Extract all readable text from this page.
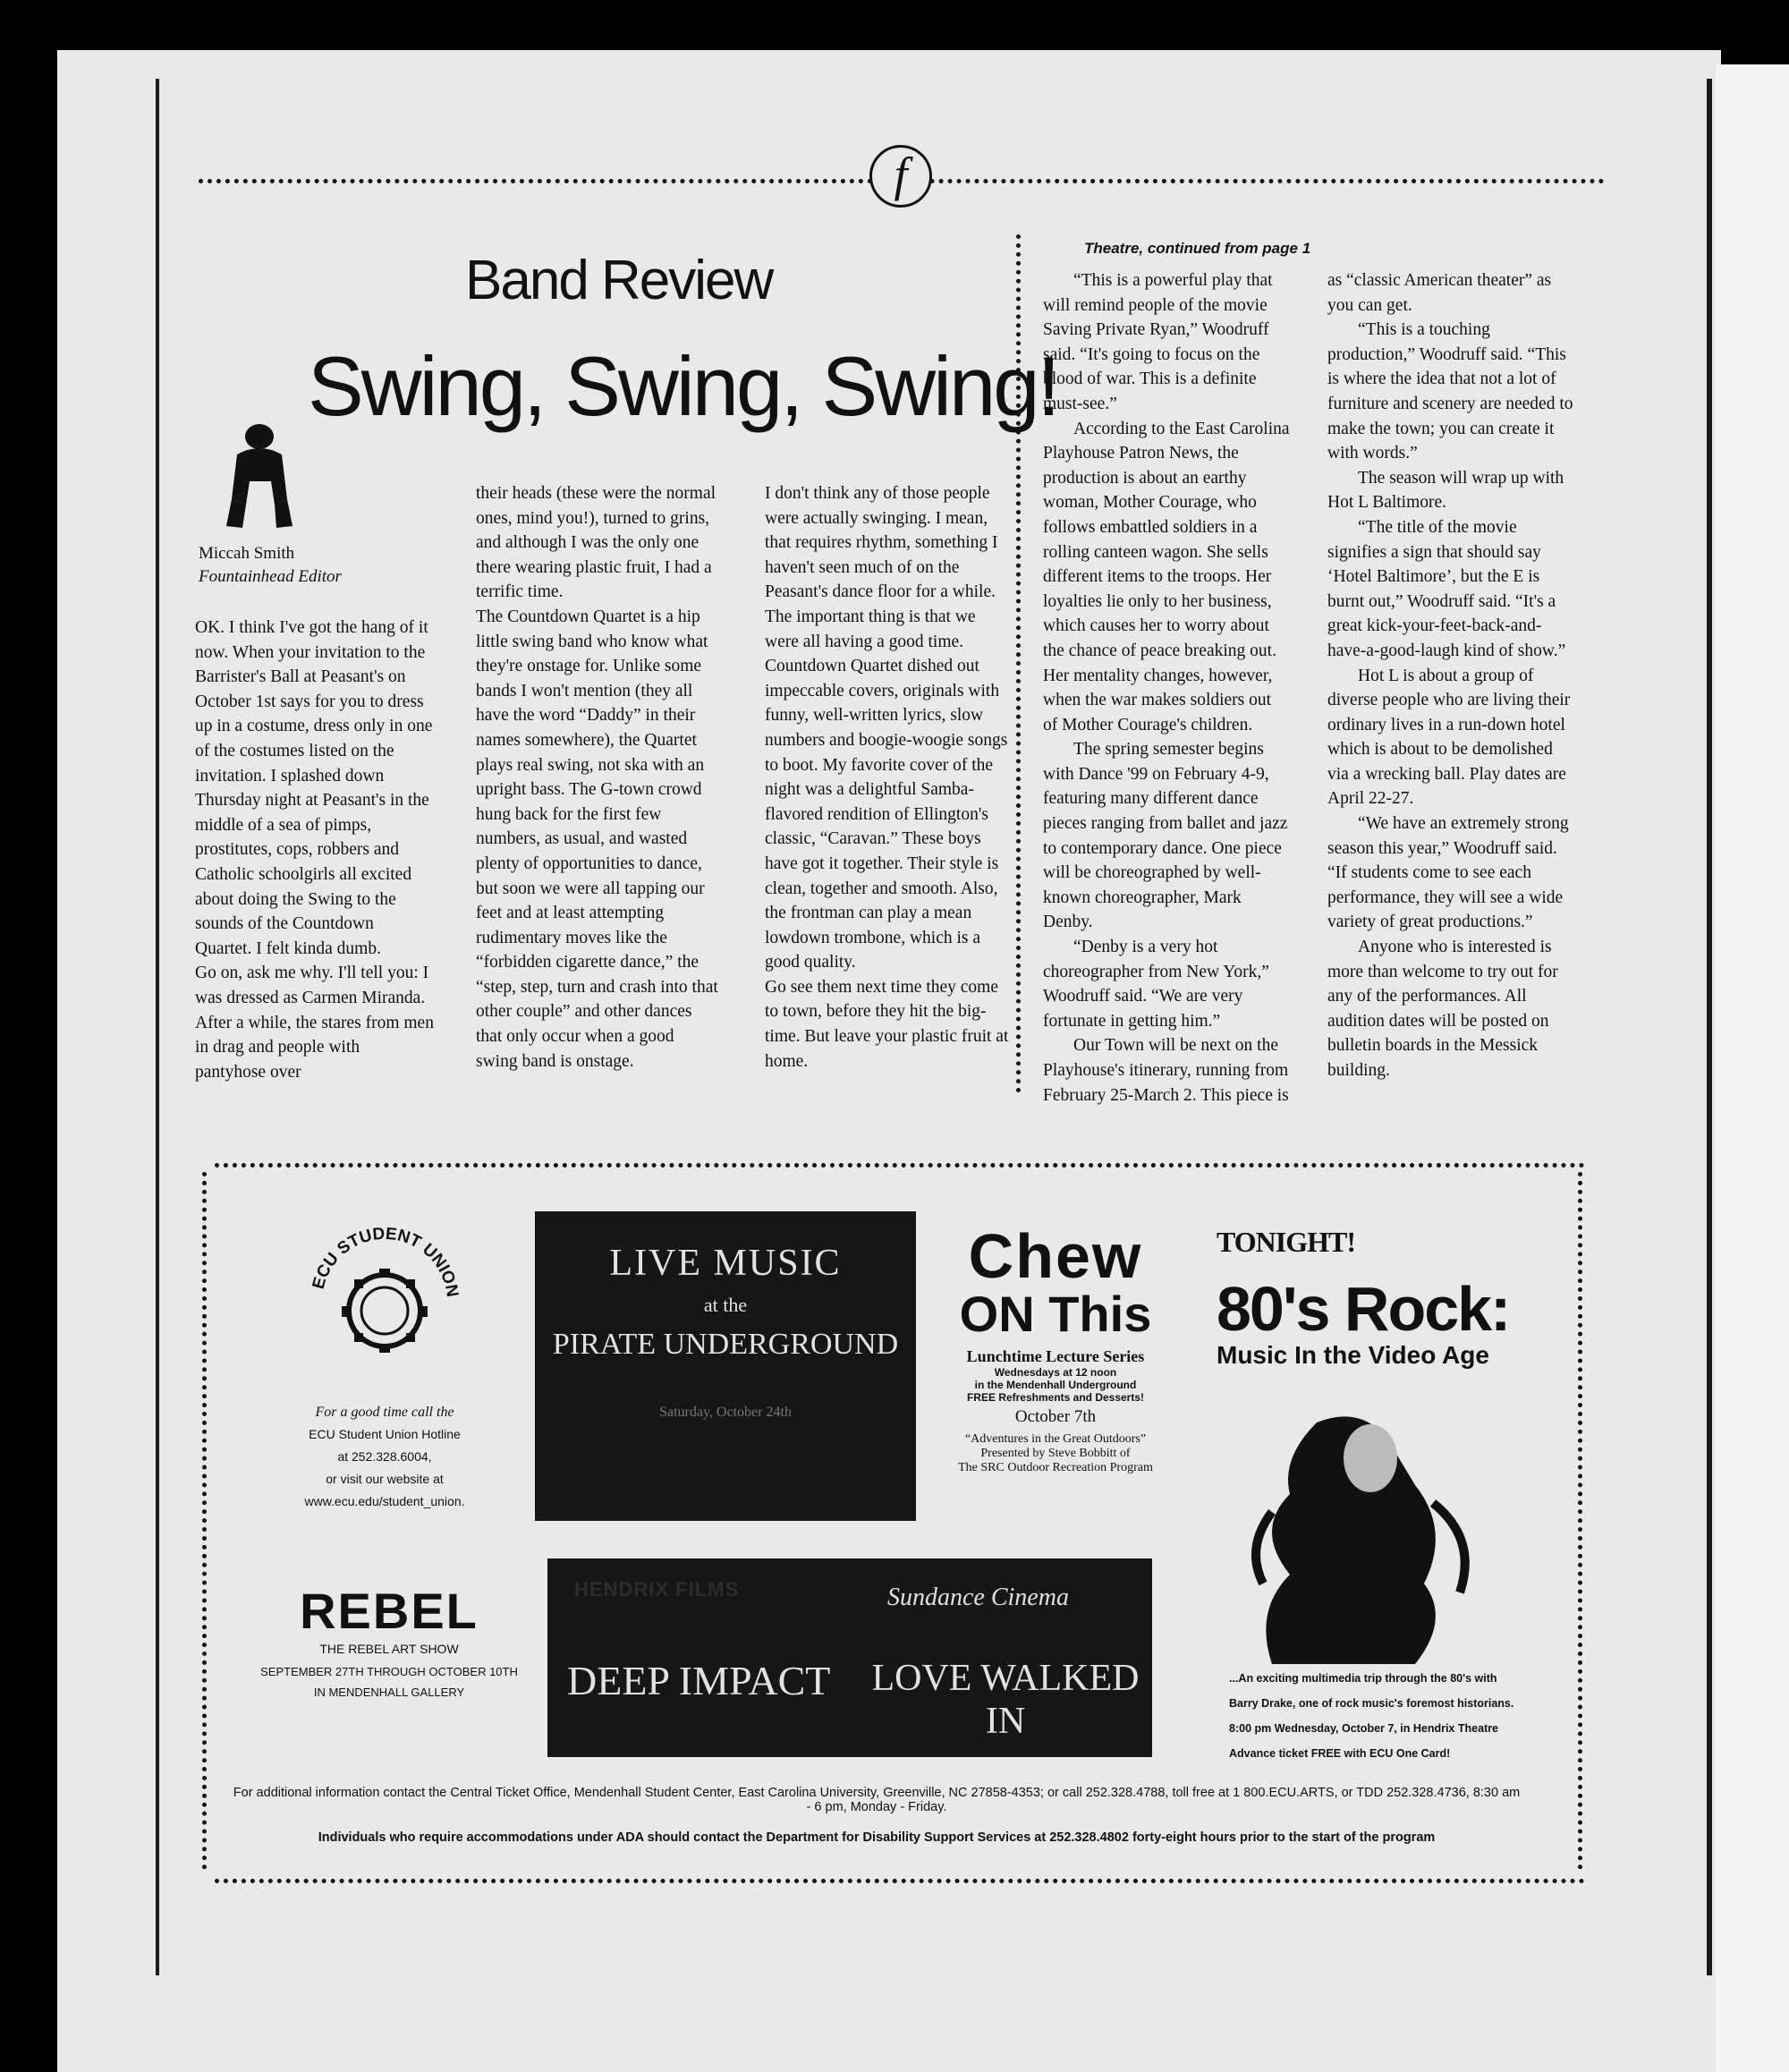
f
Band Review
Swing, Swing, Swing!
Miccah Smith
Fountainhead Editor

OK. I think I've got the hang of it now. When your invitation to the Barrister's Ball at Peasant's on October 1st says for you to dress up in a costume, dress only in one of the costumes listed on the invitation. I splashed down Thursday night at Peasant's in the middle of a sea of pimps, prostitutes, cops, robbers and Catholic schoolgirls all excited about doing the Swing to the sounds of the Countdown Quartet. I felt kinda dumb.

Go on, ask me why. I'll tell you: I was dressed as Carmen Miranda. After a while, the stares from men in drag and people with pantyhose over

their heads (these were the normal ones, mind you!), turned to grins, and although I was the only one there wearing plastic fruit, I had a terrific time.

The Countdown Quartet is a hip little swing band who know what they're onstage for. Unlike some bands I won't mention (they all have the word “Daddy” in their names somewhere), the Quartet plays real swing, not ska with an upright bass. The G-town crowd hung back for the first few numbers, as usual, and wasted plenty of opportunities to dance, but soon we were all tapping our feet and at least attempting rudimentary moves like the “forbidden cigarette dance,” the “step, step, turn and crash into that other couple” and other dances that only occur when a good swing band is onstage.

I don't think any of those people were actually swinging. I mean, that requires rhythm, something I haven't seen much of on the Peasant's dance floor for a while.

The important thing is that we were all having a good time. Countdown Quartet dished out impeccable covers, originals with funny, well-written lyrics, slow numbers and boogie-woogie songs to boot. My favorite cover of the night was a delightful Samba-flavored rendition of Ellington's classic, “Caravan.” These boys have got it together. Their style is clean, together and smooth. Also, the frontman can play a mean lowdown trombone, which is a good quality.

Go see them next time they come to town, before they hit the big-time. But leave your plastic fruit at home.

Theatre, continued from page 1

“This is a powerful play that will remind people of the movie Saving Private Ryan,” Woodruff said. “It's going to focus on the blood of war. This is a definite must-see.”

According to the East Carolina Playhouse Patron News, the production is about an earthy woman, Mother Courage, who follows embattled soldiers in a rolling canteen wagon. She sells different items to the troops. Her loyalties lie only to her business, which causes her to worry about the chance of peace breaking out. Her mentality changes, however, when the war makes soldiers out of Mother Courage's children.

The spring semester begins with Dance '99 on February 4-9, featuring many different dance pieces ranging from ballet and jazz to contemporary dance. One piece will be choreographed by well-known choreographer, Mark Denby.

“Denby is a very hot choreographer from New York,” Woodruff said. “We are very fortunate in getting him.”

Our Town will be next on the Playhouse's itinerary, running from February 25-March 2. This piece is

as “classic American theater” as you can get.

“This is a touching production,” Woodruff said. “This is where the idea that not a lot of furniture and scenery are needed to make the town; you can create it with words.”

The season will wrap up with Hot L Baltimore.

“The title of the movie signifies a sign that should say ‘Hotel Baltimore’, but the E is burnt out,” Woodruff said. “It's a great kick-your-feet-back-and-have-a-good-laugh kind of show.”

Hot L is about a group of diverse people who are living their ordinary lives in a run-down hotel which is about to be demolished via a wrecking ball. Play dates are April 22-27.

“We have an extremely strong season this year,” Woodruff said. “If students come to see each performance, they will see a wide variety of great productions.”

Anyone who is interested is more than welcome to try out for any of the performances. All audition dates will be posted on bulletin boards in the Messick building.

ECU STUDENT UNION
For a good time call the
ECU Student Union Hotline
at 252.328.6004,
or visit our website at
www.ecu.edu/student_union.
LIVE MUSIC
at the
PIRATE UNDERGROUND
Saturday, October 24th
Chew
ON This
Lunchtime Lecture Series
Wednesdays at 12 noon
in the Mendenhall Underground
FREE Refreshments and Desserts!
October 7th
“Adventures in the Great Outdoors”
Presented by Steve Bobbitt of
The SRC Outdoor Recreation Program
TONIGHT!
80's Rock:
Music In the Video Age
...An exciting multimedia trip through the 80's with
Barry Drake, one of rock music's foremost historians.
8:00 pm Wednesday, October 7, in Hendrix Theatre
Advance ticket FREE with ECU One Card!
REBEL
THE REBEL ART SHOW
SEPTEMBER 27TH THROUGH OCTOBER 10TH
IN MENDENHALL GALLERY
HENDRIX FILMS	Sundance Cinema
DEEP IMPACT	LOVE WALKED IN
For additional information contact the Central Ticket Office, Mendenhall Student Center, East Carolina University, Greenville, NC 27858-4353; or call 252.328.4788, toll free at 1 800.ECU.ARTS, or TDD 252.328.4736, 8:30 am - 6 pm, Monday - Friday.
Individuals who require accommodations under ADA should contact the Department for Disability Support Services at 252.328.4802 forty-eight hours prior to the start of the program
